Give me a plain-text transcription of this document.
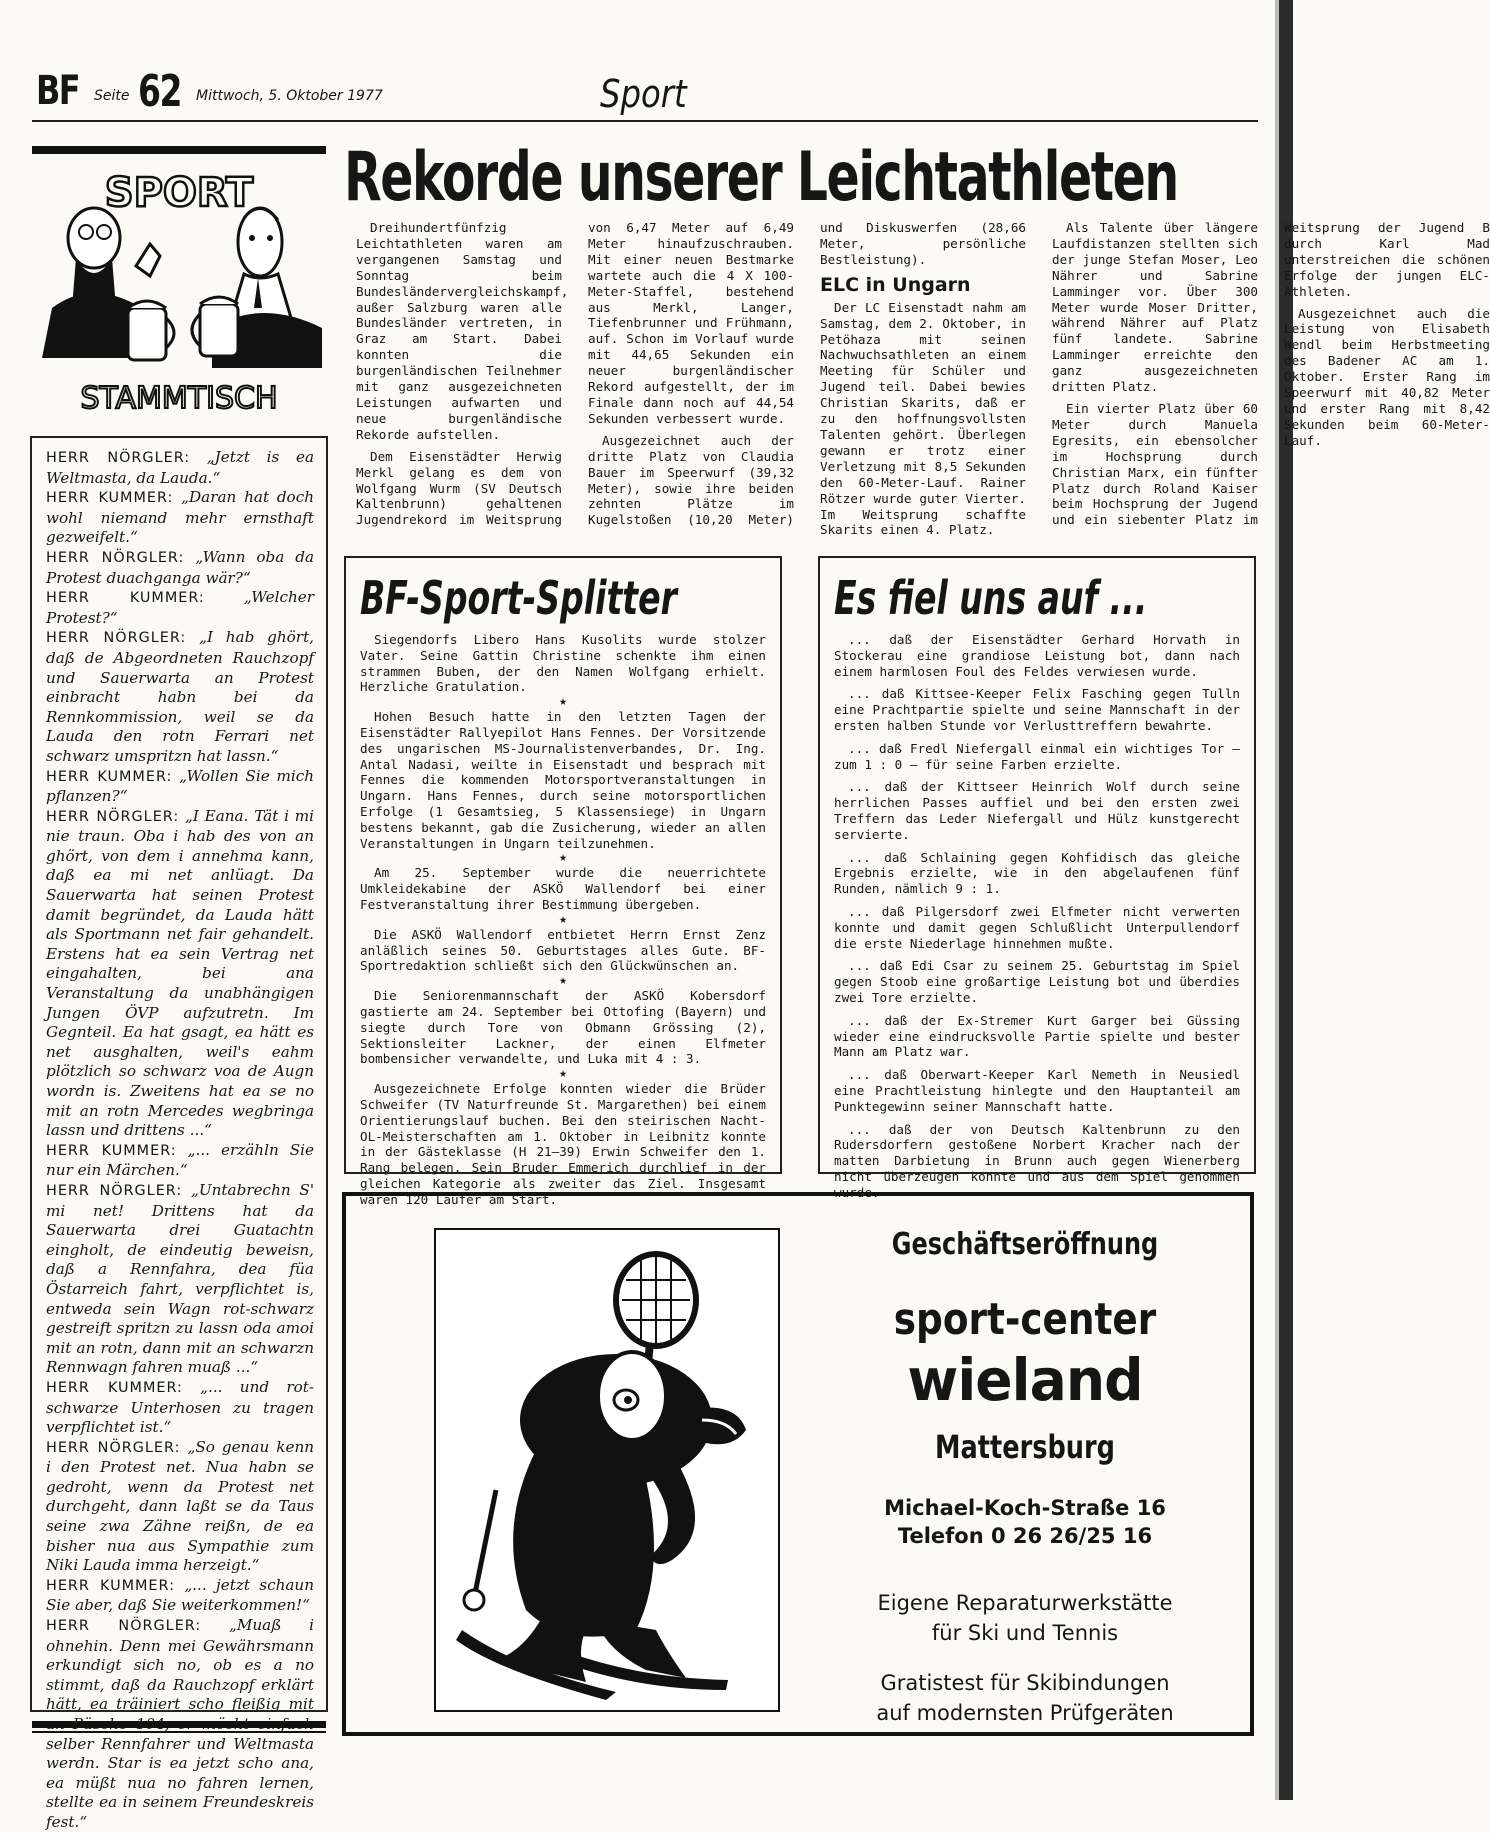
BF Seite 62 Mittwoch, 5. Oktober 1977	Sport
SPORT
STAMMTISCH

HERR NÖRGLER: „Jetzt is ea Weltmasta, da Lauda.“

HERR KUMMER: „Daran hat doch wohl niemand mehr ernsthaft gezweifelt.“

HERR NÖRGLER: „Wann oba da Protest duachganga wär?“

HERR KUMMER:	„Welcher Protest?“

HERR NÖRGLER: „I hab ghört, daß de Abgeordneten Rauchzopf und Sauerwarta an Protest einbracht habn bei da Rennkommission, weil se da Lauda den rotn Ferrari net schwarz umspritzn hat lassn.“

HERR KUMMER: „Wollen Sie mich pflanzen?“

HERR NÖRGLER: „I Eana. Tät i mi nie traun. Oba i hab des von an ghört, von dem i annehma kann, daß ea mi net anlüagt. Da Sauerwarta hat seinen Protest damit begründet, da Lauda hätt als Sportmann net fair gehandelt. Erstens hat ea sein Vertrag net eingahalten, bei ana Veranstaltung da unabhängigen Jungen ÖVP aufzutretn. Im Gegnteil. Ea hat gsagt, ea hätt es net ausghalten, weil's eahm plötzlich so schwarz voa de Augn wordn is. Zweitens hat ea se no mit an rotn Mercedes wegbringa lassn und drittens ...“

HERR KUMMER: „... erzähln Sie nur ein Märchen.“

HERR NÖRGLER: „Untabrechn S' mi net! Drittens hat da Sauerwarta drei Guatachtn eingholt, de eindeutig beweisn, daß a Rennfahra, dea füa Östarreich fahrt, verpflichtet is, entweda sein Wagn rot-schwarz gestreift spritzn zu lassn oda amoi mit an rotn, dann mit an schwarzn Rennwagn fahren muaß ...“

HERR KUMMER: „... und rot-schwarze Unterhosen zu tragen verpflichtet ist.“

HERR NÖRGLER: „So genau kenn i den Protest net. Nua habn se gedroht, wenn da Protest net durchgeht, dann laßt se da Taus seine zwa Zähne reißn, de ea bisher nua aus Sympathie zum Niki Lauda imma herzeigt.“

HERR KUMMER: „... jetzt schaun Sie aber, daß Sie weiterkommen!“

HERR NÖRGLER: „Muaß i ohnehin. Denn mei Gewährsmann erkundigt sich no, ob es a no stimmt, daß da Rauchzopf erklärt hätt, ea träiniert scho fleißig mit selber Rennfahrer und Weltmasta werdn. Star is ea jetzt scho ana, ea müßt nua no fahren lernen, stellte ea in seinem Freundeskreis fest.“

Rekorde unserer Leichtathleten

Dreihundertfünfzig Leichtathleten waren am vergangenen Samstag und Sonntag beim Bundesländervergleichskampf, außer Salzburg waren alle Bundesländer vertreten, in Graz am Start. Dabei konnten die burgenländischen Teilnehmer mit ganz ausgezeichneten Leistungen aufwarten und neue burgenländische Rekorde aufstellen.

Dem Eisenstädter Herwig Merkl gelang es dem von Wolfgang Wurm (SV Deutsch Kaltenbrunn) gehaltenen Jugendrekord im Weitsprung von 6,47 Meter auf 6,49 Meter hinaufzuschrauben. Mit einer neuen Bestmarke wartete auch die 4 X 100-Meter-Staffel, bestehend aus Merkl, Langer, Tiefenbrunner und Frühmann, auf. Schon im Vorlauf wurde mit 44,65 Sekunden ein neuer burgenländischer Rekord aufgestellt, der im Finale dann noch auf 44,54 Sekunden verbessert wurde.

Ausgezeichnet auch der dritte Platz von Claudia Bauer im Speerwurf (39,32 Meter), sowie ihre beiden zehnten Plätze im Kugelstoßen (10,20 Meter) und Diskuswerfen (28,66 Meter, persönliche Bestleistung).

ELC in Ungarn

Der LC Eisenstadt nahm am Samstag, dem 2. Oktober, in Petöhaza mit seinen Nachwuchsathleten an einem Meeting für Schüler und Jugend teil. Dabei bewies Christian Skarits, daß er zu den hoffnungsvollsten Talenten gehört. Überlegen gewann er trotz einer Verletzung mit 8,5 Sekunden den 60-Meter-Lauf. Rainer Rötzer wurde guter Vierter. Im Weitsprung schaffte Skarits einen 4. Platz.

Als Talente über längere Laufdistanzen stellten sich der junge Stefan Moser, Leo Nährer und Sabrine Lamminger vor. Über 300 Meter wurde Moser Dritter, während Nährer auf Platz fünf landete. Sabrine Lamminger erreichte den ganz ausgezeichneten dritten Platz.

Ein vierter Platz über 60 Meter durch Manuela Egresits, ein ebensolcher im Hochsprung durch Christian Marx, ein fünfter Platz durch Roland Kaiser beim Hochsprung der Jugend und ein siebenter Platz im Weitsprung der Jugend B durch Karl Mad unterstreichen die schönen Erfolge der jungen ELC-Athleten.

Ausgezeichnet auch die Leistung von Elisabeth Wendl beim Herbstmeeting des Badener AC am 1. Oktober. Erster Rang im Speerwurf mit 40,82 Meter und erster Rang mit 8,42 Sekunden beim 60-Meter-Lauf.

BF-Sport-Splitter

Siegendorfs Libero Hans Kusolits wurde stolzer Vater. Seine Gattin Christine schenkte ihm einen strammen Buben, der den Namen Wolfgang erhielt. Herzliche Gratulation.

★

Hohen Besuch hatte in den letzten Tagen der Eisenstädter Rallyepilot Hans Fennes. Der Vorsitzende des ungarischen MS-Journalistenverbandes, Dr. Ing. Antal Nadasi, weilte in Eisenstadt und besprach mit Fennes die kommenden Motorsportveranstaltungen in Ungarn. Hans Fennes, durch seine motorsportlichen Erfolge (1 Gesamtsieg, 5 Klassensiege) in Ungarn bestens bekannt, gab die Zusicherung, wieder an allen Veranstaltungen in Ungarn teilzunehmen.

★

Am 25. September wurde die neuerrichtete Umkleidekabine der ASKÖ Wallendorf bei einer Festveranstaltung ihrer Bestimmung übergeben.

★

Die ASKÖ Wallendorf entbietet Herrn Ernst Zenz anläßlich seines 50. Geburtstages alles Gute. BF-Sportredaktion schließt sich den Glückwünschen an.

★

Die Seniorenmannschaft der ASKÖ Kobersdorf gastierte am 24. September bei Ottofing (Bayern) und siegte durch Tore von Obmann Grössing (2), Sektionsleiter Lackner, der einen Elfmeter bombensicher verwandelte, und Luka mit 4 : 3.

★

Ausgezeichnete Erfolge konnten wieder die Brüder Schweifer (TV Naturfreunde St. Margarethen) bei einem Orientierungslauf buchen. Bei den steirischen Nacht-OL-Meisterschaften am 1. Oktober in Leibnitz konnte in der Gästeklasse (H 21—39) Erwin Schweifer den 1. Rang belegen. Sein Bruder Emmerich durchlief in der gleichen Kategorie als zweiter das Ziel. Insgesamt waren 120 Läufer am Start.

Es fiel uns auf ...

... daß der Eisenstädter Gerhard Horvath in Stockerau eine grandiose Leistung bot, dann nach einem harmlosen Foul des Feldes verwiesen wurde.

... daß Kittsee-Keeper Felix Fasching gegen Tulln eine Prachtpartie spielte und seine Mannschaft in der ersten halben Stunde vor Verlusttreffern bewahrte.

... daß Fredl Niefergall einmal ein wichtiges Tor — zum 1 : 0 — für seine Farben erzielte.

... daß der Kittseer Heinrich Wolf durch seine herrlichen Passes auffiel und bei den ersten zwei Treffern das Leder Niefergall und Hülz kunstgerecht servierte.

... daß Schlaining gegen Kohfidisch das gleiche Ergebnis erzielte, wie in den abgelaufenen fünf Runden, nämlich 9 : 1.

... daß Pilgersdorf zwei Elfmeter nicht verwerten konnte und damit gegen Schlußlicht Unterpullendorf die erste Niederlage hinnehmen mußte.

... daß Edi Csar zu seinem 25. Geburtstag im Spiel gegen Stoob eine großartige Leistung bot und überdies zwei Tore erzielte.

... daß der Ex-Stremer Kurt Garger bei Güssing wieder eine eindrucksvolle Partie spielte und bester Mann am Platz war.

... daß Oberwart-Keeper Karl Nemeth in Neusiedl eine Prachtleistung hinlegte und den Hauptanteil am Punktegewinn seiner Mannschaft hatte.

... daß der von Deutsch Kaltenbrunn zu den Rudersdorfern gestoßene Norbert Kracher nach der matten Darbietung in Brunn auch gegen Wienerberg nicht überzeugen konnte und aus dem Spiel genommen wurde.

Geschäftseröffnung
sport-center
wieland
Mattersburg
Michael-Koch-Straße 16
Telefon 0 26 26/25 16
Eigene Reparaturwerkstätte
für Ski und Tennis
Gratistest für Skibindungen
auf modernsten Prüfgeräten
